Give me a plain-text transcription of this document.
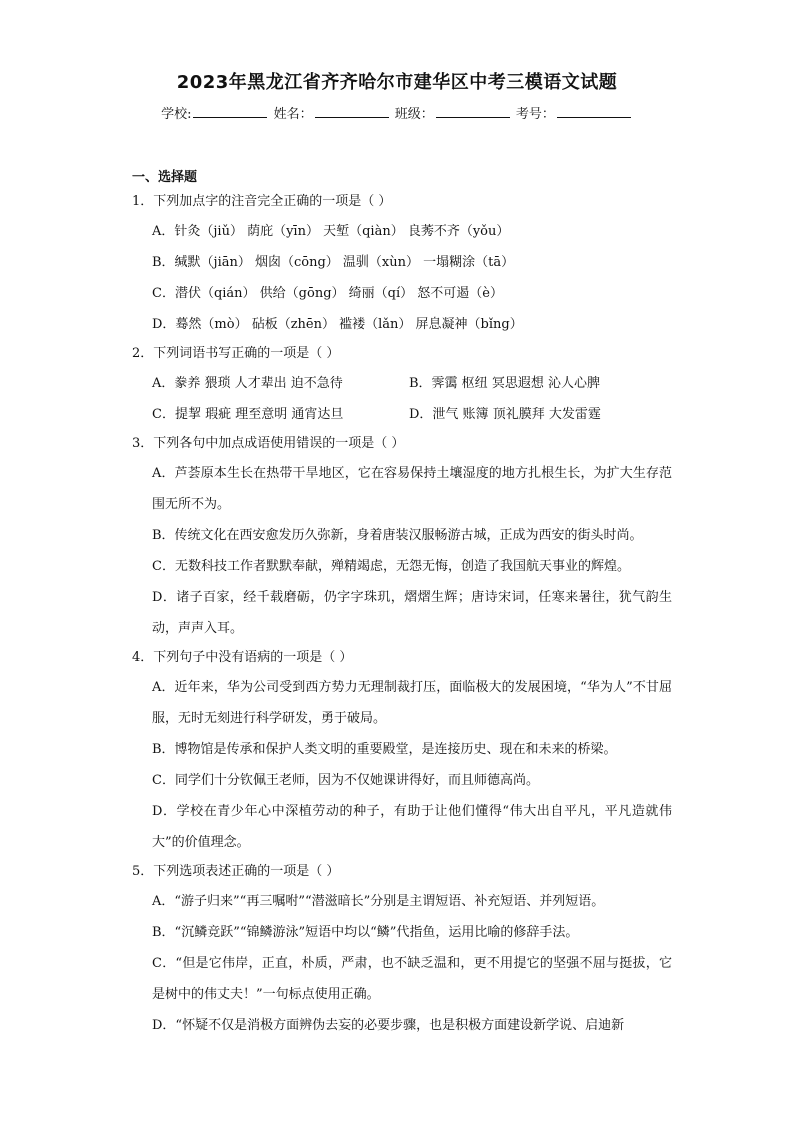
2023年黑龙江省齐齐哈尔市建华区中考三模语文试题
学校:	姓名：	班级：	考号：
一、选择题
1．下列加点字的注音完全正确的一项是（ ）
A．针灸（jiǔ） 荫庇（yīn） 天堑（qiàn） 良莠不齐（yǒu）
B．缄默（jiān） 烟囱（cōng） 温驯（xùn） 一塌糊涂（tā）
C．潜伏（qián） 供给（gōng） 绮丽（qí） 怒不可遏（è）
D．蓦然（mò） 砧板（zhēn） 褴褛（lǎn） 屏息凝神（bǐng）
2．下列词语书写正确的一项是（ ）
A．豢养 猥琐 人才辈出 迫不急待	B．霁霭 枢纽 冥思遐想 沁人心脾
C．提挈 瑕疵 理至意明 通宵达旦	D．泄气 账簿 顶礼膜拜 大发雷霆
3．下列各句中加点成语使用错误的一项是（ ）
A．芦荟原本生长在热带干旱地区，它在容易保持土壤湿度的地方扎根生长，为扩大生存范围无所不为。
B．传统文化在西安愈发历久弥新，身着唐装汉服畅游古城，正成为西安的街头时尚。
C．无数科技工作者默默奉献，殚精竭虑，无怨无悔，创造了我国航天事业的辉煌。
D．诸子百家，经千载磨砺，仍字字珠玑，熠熠生辉；唐诗宋词，任寒来暑往，犹气韵生动，声声入耳。
4．下列句子中没有语病的一项是（ ）
A．近年来，华为公司受到西方势力无理制裁打压，面临极大的发展困境，“华为人”不甘屈服，无时无刻进行科学研发，勇于破局。
B．博物馆是传承和保护人类文明的重要殿堂，是连接历史、现在和未来的桥梁。
C．同学们十分钦佩王老师，因为不仅她课讲得好，而且师德高尚。
D．学校在青少年心中深植劳动的种子，有助于让他们懂得“伟大出自平凡，平凡造就伟大”的价值理念。
5．下列选项表述正确的一项是（ ）
A．“游子归来”“再三嘱咐”“潜滋暗长”分别是主谓短语、补充短语、并列短语。
B．“沉鳞竞跃”“锦鳞游泳”短语中均以“鳞”代指鱼，运用比喻的修辞手法。
C．“但是它伟岸，正直，朴质，严肃，也不缺乏温和，更不用提它的坚强不屈与挺拔，它是树中的伟丈夫！”一句标点使用正确。
D．“怀疑不仅是消极方面辨伪去妄的必要步骤，也是积极方面建设新学说、启迪新
